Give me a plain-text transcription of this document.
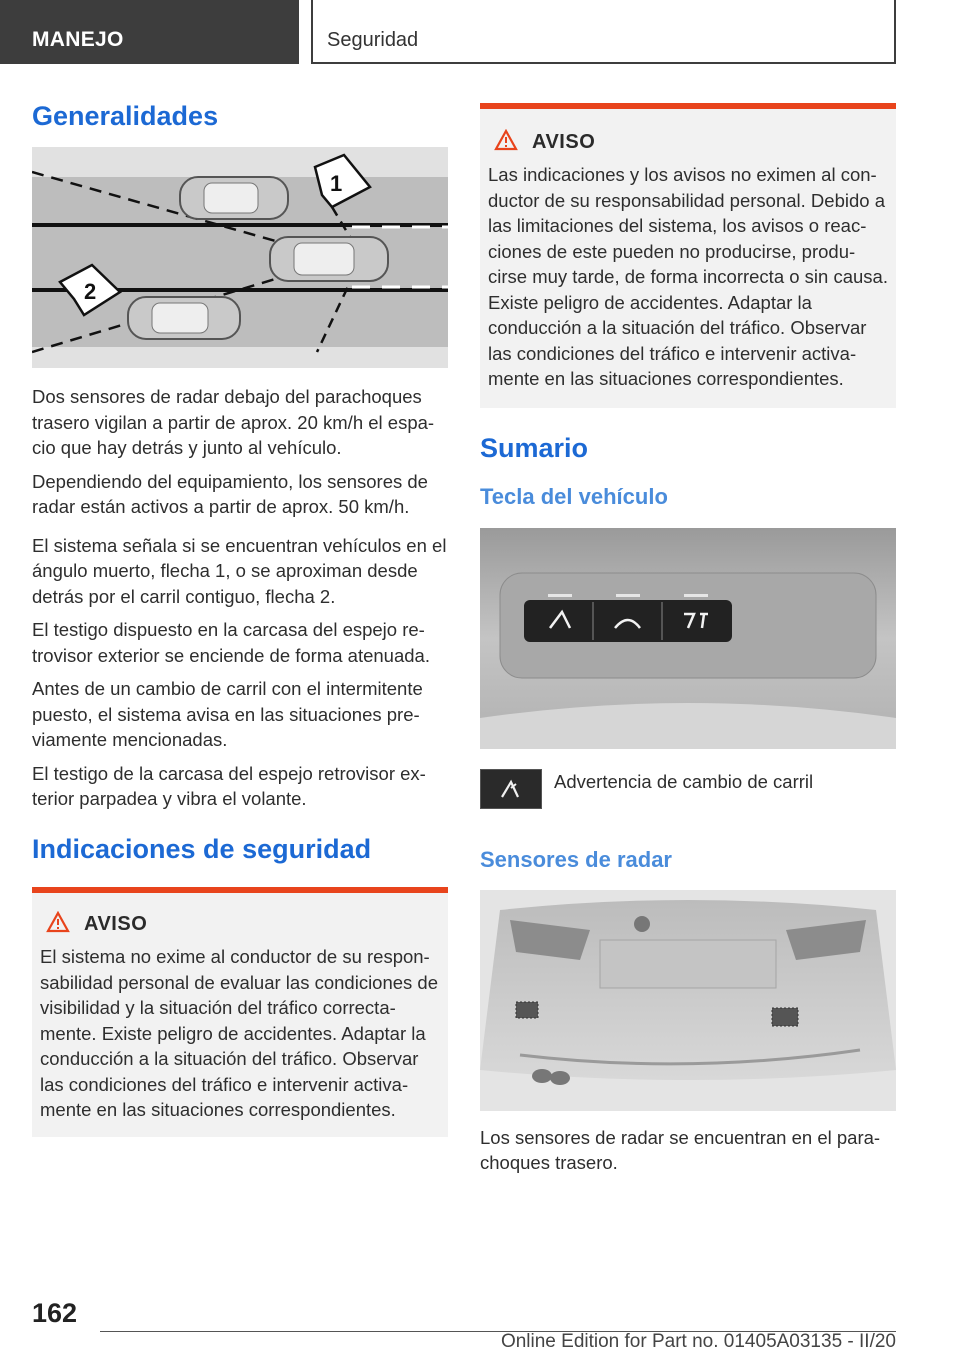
MANEJO	Seguridad
Generalidades
1
2

Dos sensores de radar debajo del parachoques trasero vigilan a partir de aprox. 20 km/h el espa-cio que hay detrás y junto al vehículo.

Dependiendo del equipamiento, los sensores de radar están activos a partir de aprox. 50 km/h.

El sistema señala si se encuentran vehículos en el ángulo muerto, flecha 1, o se aproximan desde detrás por el carril contiguo, flecha 2.

El testigo dispuesto en la carcasa del espejo re-trovisor exterior se enciende de forma atenuada.

Antes de un cambio de carril con el intermitente puesto, el sistema avisa en las situaciones pre-viamente mencionadas.

El testigo de la carcasa del espejo retrovisor ex-terior parpadea y vibra el volante.

Indicaciones de seguridad
AVISO

El sistema no exime al conductor de su respon-sabilidad personal de evaluar las condiciones de visibilidad y la situación del tráfico correcta-mente. Existe peligro de accidentes. Adaptar la conducción a la situación del tráfico. Observar las condiciones del tráfico e intervenir activa-mente en las situaciones correspondientes.

AVISO

Las indicaciones y los avisos no eximen al con-ductor de su responsabilidad personal. Debido a las limitaciones del sistema, los avisos o reac-ciones de este pueden no producirse, produ-cirse muy tarde, de forma incorrecta o sin causa. Existe peligro de accidentes. Adaptar la conducción a la situación del tráfico. Observar las condiciones del tráfico e intervenir activa-mente en las situaciones correspondientes.

Sumario
Tecla del vehículo

Advertencia de cambio de carril

Sensores de radar

Los sensores de radar se encuentran en el para-choques trasero.

162
Online Edition for Part no. 01405A03135 - II/20
